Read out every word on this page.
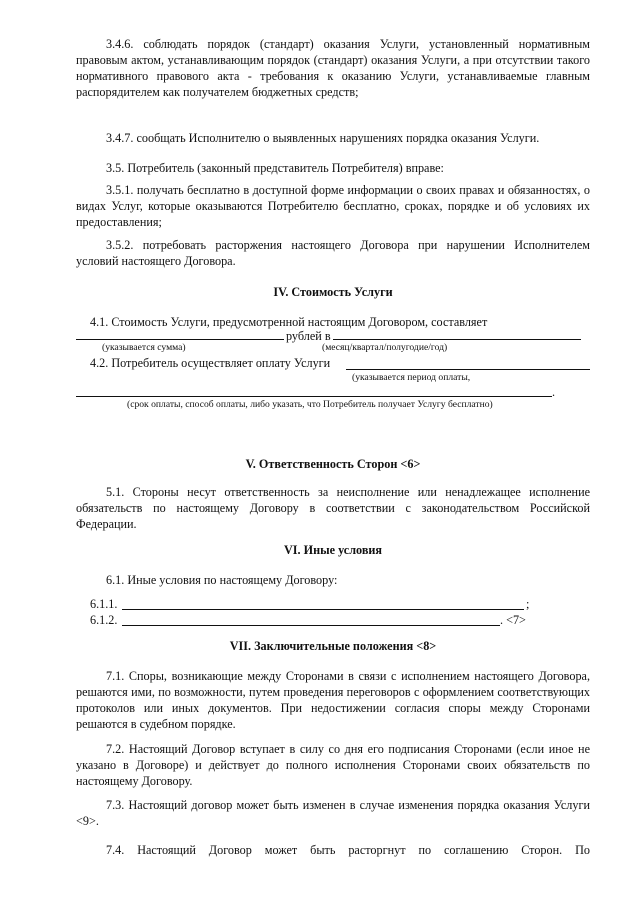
3.4.6. соблюдать порядок (стандарт) оказания Услуги, установленный нормативным правовым актом, устанавливающим порядок (стандарт) оказания Услуги, а при отсутствии такого нормативного правового акта - требования к оказанию Услуги, устанавливаемые главным распорядителем как получателем бюджетных средств;

3.4.7. сообщать Исполнителю о выявленных нарушениях порядка оказания Услуги.

3.5. Потребитель (законный представитель Потребителя) вправе:

3.5.1. получать бесплатно в доступной форме информации о своих правах и обязанностях, о видах Услуг, которые оказываются Потребителю бесплатно, сроках, порядке и об условиях их предоставления;

3.5.2. потребовать расторжения настоящего Договора при нарушении Исполнителем условий настоящего Договора.

IV. Стоимость Услуги

4.1. Стоимость Услуги, предусмотренной настоящим Договором, составляет

рублей в
(указывается сумма)	(месяц/квартал/полугодие/год)

4.2. Потребитель осуществляет оплату Услуги

(указывается период оплаты,
.
(срок оплаты, способ оплаты, либо указать, что Потребитель получает Услугу бесплатно)

V. Ответственность Сторон <6>

5.1. Стороны несут ответственность за неисполнение или ненадлежащее исполнение обязательств по настоящему Договору в соответствии с законодательством Российской Федерации.

VI. Иные условия

6.1. Иные условия по настоящему Договору:

6.1.1.	;
6.1.2.	. <7>

VII. Заключительные положения <8>

7.1. Споры, возникающие между Сторонами в связи с исполнением настоящего Договора, решаются ими, по возможности, путем проведения переговоров с оформлением соответствующих протоколов или иных документов. При недостижении согласия споры между Сторонами решаются в судебном порядке.

7.2. Настоящий Договор вступает в силу со дня его подписания Сторонами (если иное не указано в Договоре) и действует до полного исполнения Сторонами своих обязательств по настоящему Договору.

7.3. Настоящий договор может быть изменен в случае изменения порядка оказания Услуги <9>.

7.4. Настоящий Договор может быть расторгнут по соглашению Сторон. По
